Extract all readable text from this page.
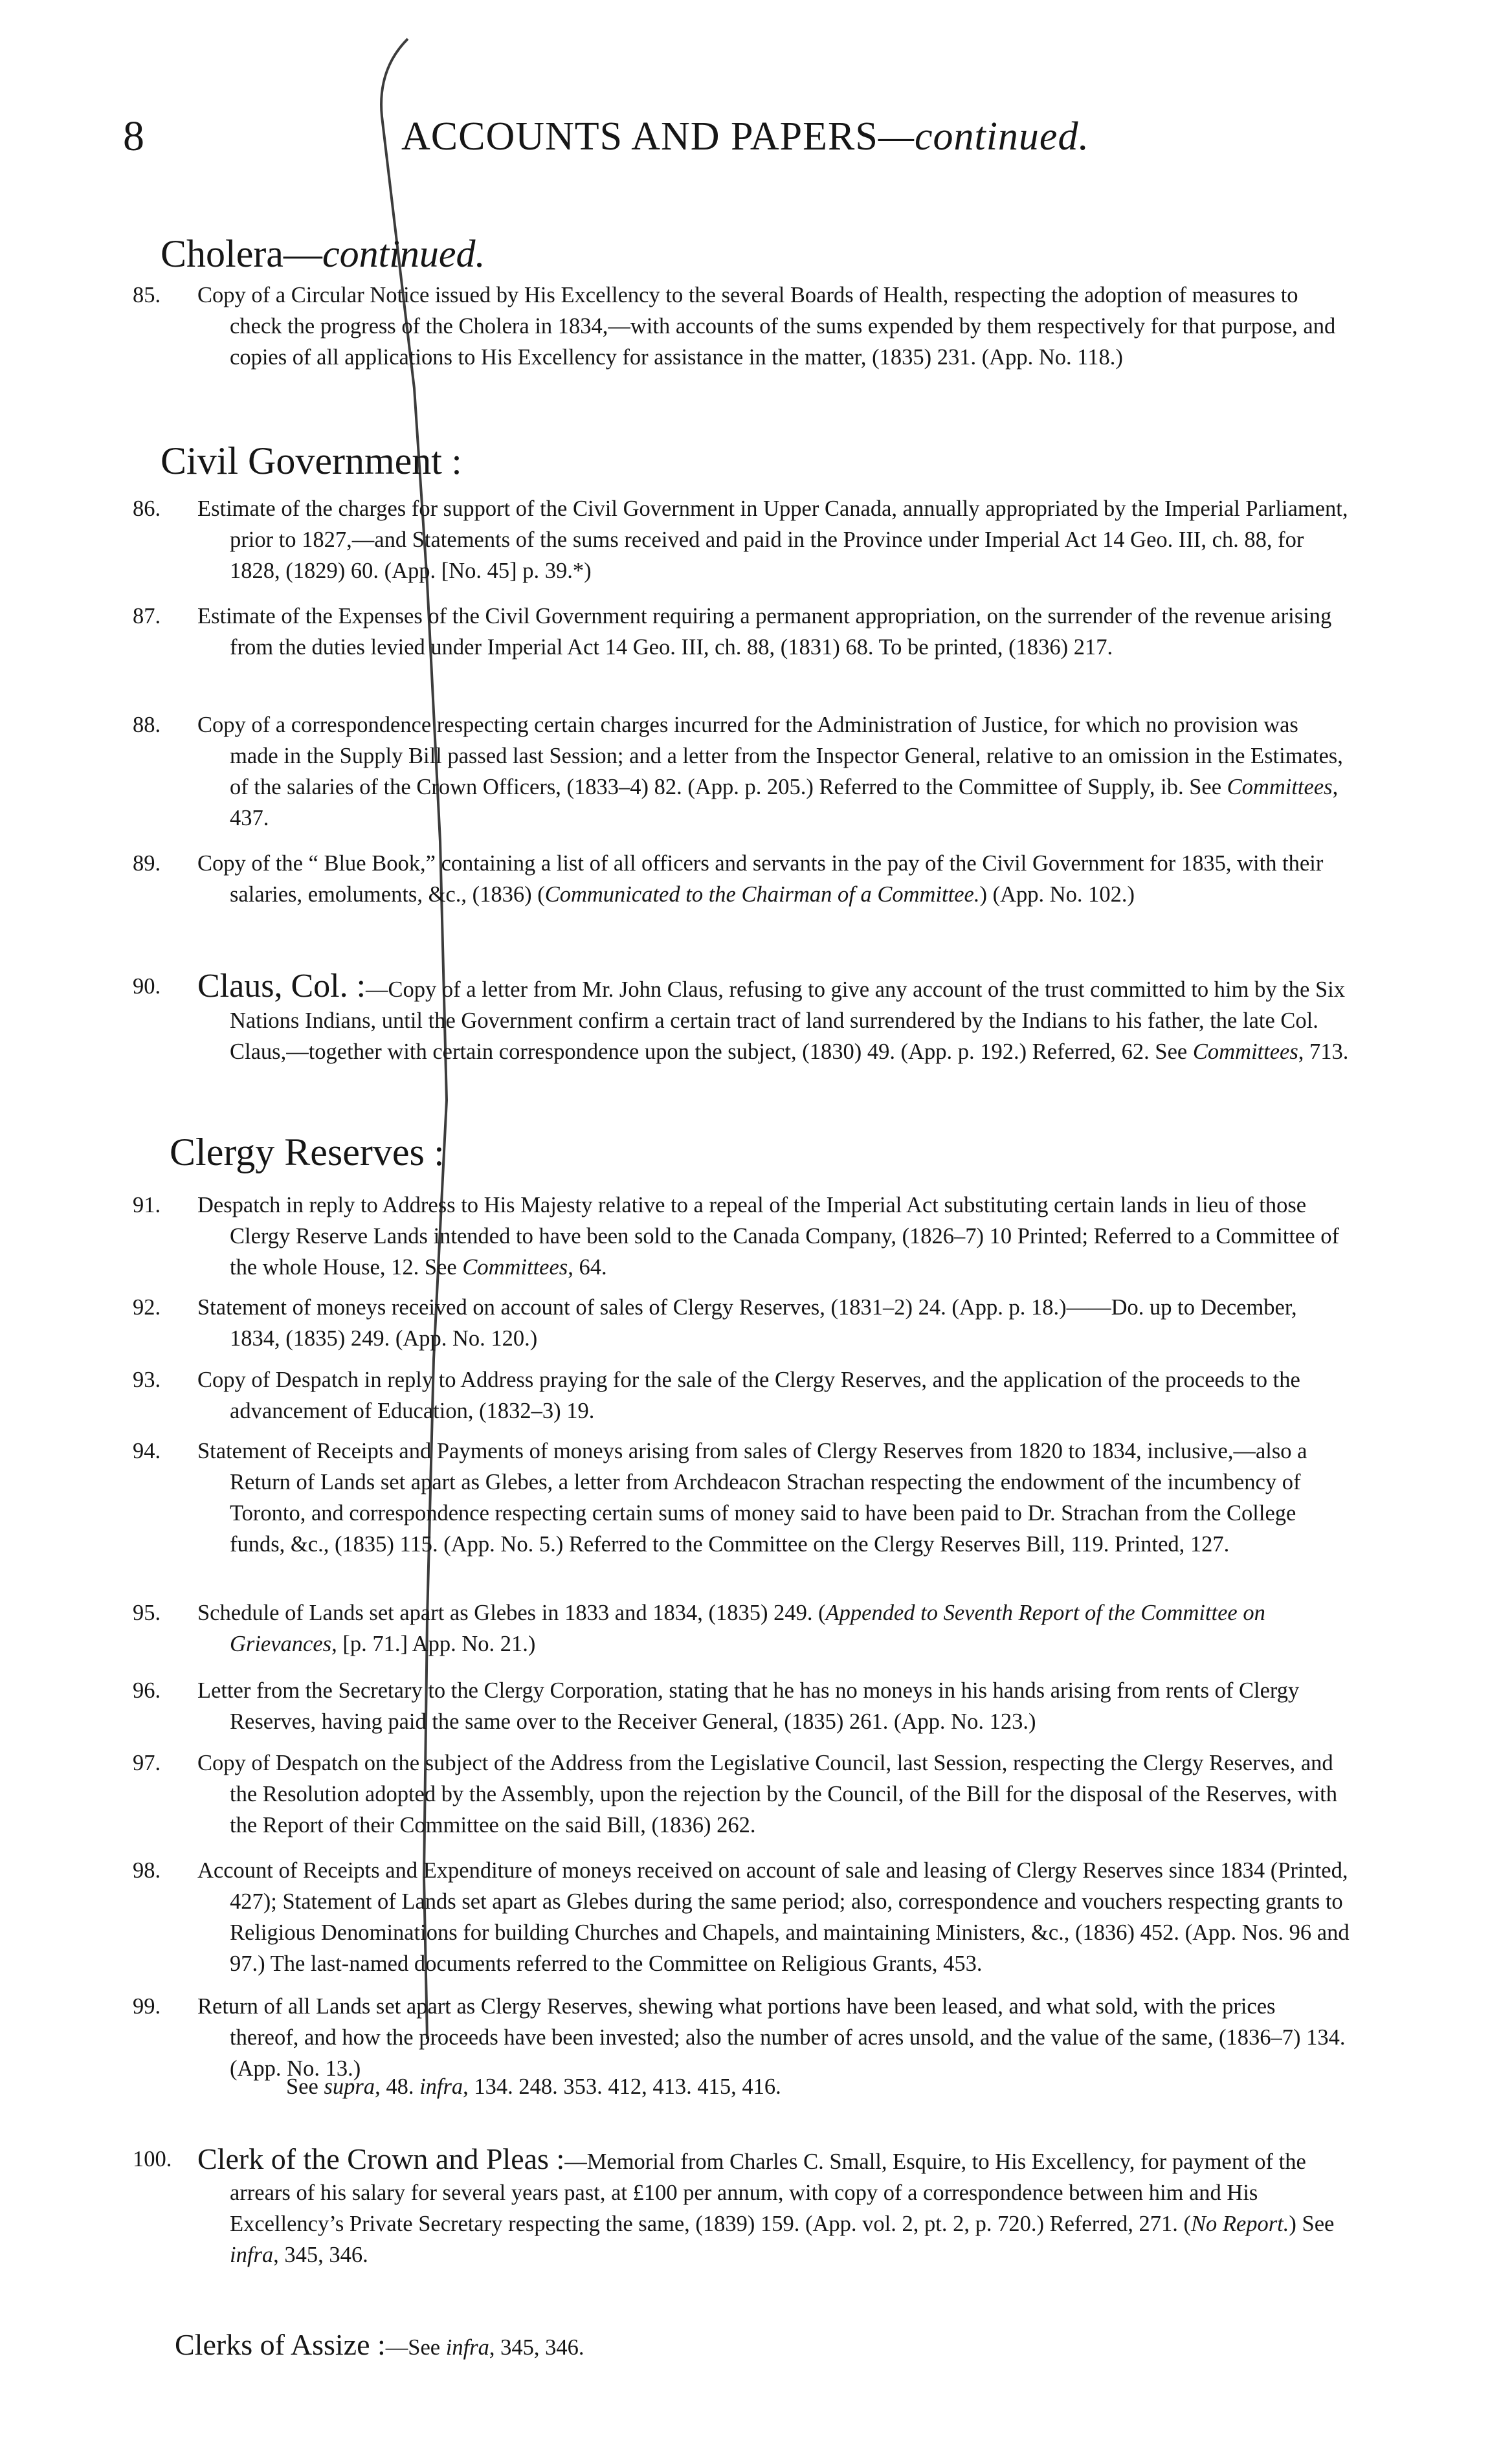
8	ACCOUNTS AND PAPERS—continued.
Cholera—continued.
85.	Copy of a Circular Notice issued by His Excellency to the several Boards of Health, respecting the adoption of measures to check the progress of the Cholera in 1834,—with accounts of the sums expended by them respectively for that purpose, and copies of all applications to His Excellency for assistance in the matter, (1835) 231. (App. No. 118.)
Civil Government :
86.	Estimate of the charges for support of the Civil Government in Upper Canada, annually appropriated by the Imperial Parliament, prior to 1827,—and Statements of the sums received and paid in the Province under Imperial Act 14 Geo. III, ch. 88, for 1828, (1829) 60. (App. [No. 45] p. 39.*)
87.	Estimate of the Expenses of the Civil Government requiring a permanent appropriation, on the surrender of the revenue arising from the duties levied under Imperial Act 14 Geo. III, ch. 88, (1831) 68. To be printed, (1836) 217.
88.	Copy of a correspondence respecting certain charges incurred for the Administration of Justice, for which no provision was made in the Supply Bill passed last Session; and a letter from the Inspector General, relative to an omission in the Estimates, of the salaries of the Crown Officers, (1833–4) 82. (App. p. 205.) Referred to the Committee of Supply, ib. See Committees, 437.
89.	Copy of the “ Blue Book,” containing a list of all officers and servants in the pay of the Civil Government for 1835, with their salaries, emoluments, &c., (1836) (Communicated to the Chairman of a Committee.) (App. No. 102.)
90.	Claus, Col. :—Copy of a letter from Mr. John Claus, refusing to give any account of the trust committed to him by the Six Nations Indians, until the Government confirm a certain tract of land surrendered by the Indians to his father, the late Col. Claus,—together with certain correspondence upon the subject, (1830) 49. (App. p. 192.) Referred, 62. See Committees, 713.
Clergy Reserves :
91.	Despatch in reply to Address to His Majesty relative to a repeal of the Imperial Act substituting certain lands in lieu of those Clergy Reserve Lands intended to have been sold to the Canada Company, (1826–7) 10 Printed; Referred to a Committee of the whole House, 12. See Committees, 64.
92.	Statement of moneys received on account of sales of Clergy Reserves, (1831–2) 24. (App. p. 18.)——Do. up to December, 1834, (1835) 249. (App. No. 120.)
93.	Copy of Despatch in reply to Address praying for the sale of the Clergy Reserves, and the application of the proceeds to the advancement of Education, (1832–3) 19.
94.	Statement of Receipts and Payments of moneys arising from sales of Clergy Reserves from 1820 to 1834, inclusive,—also a Return of Lands set apart as Glebes, a letter from Archdeacon Strachan respecting the endowment of the incumbency of Toronto, and correspondence respecting certain sums of money said to have been paid to Dr. Strachan from the College funds, &c., (1835) 115. (App. No. 5.) Referred to the Committee on the Clergy Reserves Bill, 119. Printed, 127.
95.	Schedule of Lands set apart as Glebes in 1833 and 1834, (1835) 249. (Appended to Seventh Report of the Committee on Grievances, [p. 71.] App. No. 21.)
96.	Letter from the Secretary to the Clergy Corporation, stating that he has no moneys in his hands arising from rents of Clergy Reserves, having paid the same over to the Receiver General, (1835) 261. (App. No. 123.)
97.	Copy of Despatch on the subject of the Address from the Legislative Council, last Session, respecting the Clergy Reserves, and the Resolution adopted by the Assembly, upon the rejection by the Council, of the Bill for the disposal of the Reserves, with the Report of their Committee on the said Bill, (1836) 262.
98.	Account of Receipts and Expenditure of moneys received on account of sale and leasing of Clergy Reserves since 1834 (Printed, 427); Statement of Lands set apart as Glebes during the same period; also, correspondence and vouchers respecting grants to Religious Denominations for building Churches and Chapels, and maintaining Ministers, &c., (1836) 452. (App. Nos. 96 and 97.) The last-named documents referred to the Committee on Religious Grants, 453.
99.	Return of all Lands set apart as Clergy Reserves, shewing what portions have been leased, and what sold, with the prices thereof, and how the proceeds have been invested; also the number of acres unsold, and the value of the same, (1836–7) 134. (App. No. 13.)
See supra, 48. infra, 134. 248. 353. 412, 413. 415, 416.
100. Clerk of the Crown and Pleas :—Memorial from Charles C. Small, Esquire, to His Excellency, for payment of the arrears of his salary for several years past, at £100 per annum, with copy of a correspondence between him and His Excellency’s Private Secretary respecting the same, (1839) 159. (App. vol. 2, pt. 2, p. 720.) Referred, 271. (No Report.) See infra, 345, 346.
Clerks of Assize :—See infra, 345, 346.
